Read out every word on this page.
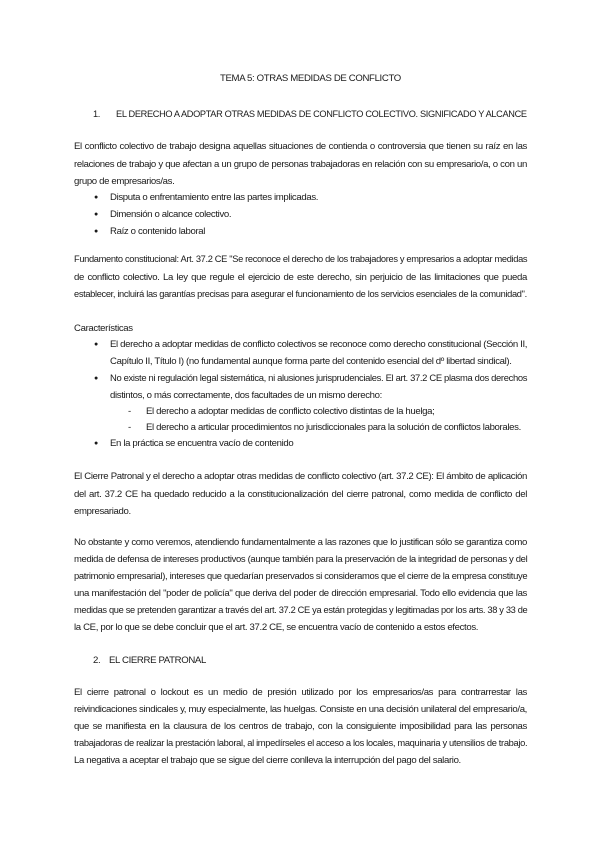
TEMA 5: OTRAS MEDIDAS DE CONFLICTO
1. EL DERECHO A ADOPTAR OTRAS MEDIDAS DE CONFLICTO COLECTIVO. SIGNIFICADO Y ALCANCE
El conflicto colectivo de trabajo designa aquellas situaciones de contienda o controversia que tienen su raíz en las
relaciones de trabajo y que afectan a un grupo de personas trabajadoras en relación con su empresario/a, o con un
grupo de empresarios/as.
●	Disputa o enfrentamiento entre las partes implicadas.
●	Dimensión o alcance colectivo.
●	Raíz o contenido laboral
Fundamento constitucional: Art. 37.2 CE "Se reconoce el derecho de los trabajadores y empresarios a adoptar medidas
de conflicto colectivo. La ley que regule el ejercicio de este derecho, sin perjuicio de las limitaciones que pueda
establecer, incluirá las garantías precisas para asegurar el funcionamiento de los servicios esenciales de la comunidad".
Características
●	El derecho a adoptar medidas de conflicto colectivos se reconoce como derecho constitucional (Sección II,
Capítulo II, Título I) (no fundamental aunque forma parte del contenido esencial del dº libertad sindical).
●	No existe ni regulación legal sistemática, ni alusiones jurisprudenciales. El art. 37.2 CE plasma dos derechos
distintos, o más correctamente, dos facultades de un mismo derecho:
- El derecho a adoptar medidas de conflicto colectivo distintas de la huelga;
- El derecho a articular procedimientos no jurisdiccionales para la solución de conflictos laborales.
●	En la práctica se encuentra vacío de contenido
El Cierre Patronal y el derecho a adoptar otras medidas de conflicto colectivo (art. 37.2 CE): El ámbito de aplicación
del art. 37.2 CE ha quedado reducido a la constitucionalización del cierre patronal, como medida de conflicto del
empresariado.
No obstante y como veremos, atendiendo fundamentalmente a las razones que lo justifican sólo se garantiza como
medida de defensa de intereses productivos (aunque también para la preservación de la integridad de personas y del
patrimonio empresarial), intereses que quedarían preservados si consideramos que el cierre de la empresa constituye
una manifestación del "poder de policía" que deriva del poder de dirección empresarial. Todo ello evidencia que las
medidas que se pretenden garantizar a través del art. 37.2 CE ya están protegidas y legitimadas por los arts. 38 y 33 de
la CE, por lo que se debe concluir que el art. 37.2 CE, se encuentra vacío de contenido a estos efectos.
2. EL CIERRE PATRONAL
El cierre patronal o lockout es un medio de presión utilizado por los empresarios/as para contrarrestar las
reivindicaciones sindicales y, muy especialmente, las huelgas. Consiste en una decisión unilateral del empresario/a,
que se manifiesta en la clausura de los centros de trabajo, con la consiguiente imposibilidad para las personas
trabajadoras de realizar la prestación laboral, al impedírseles el acceso a los locales, maquinaria y utensilios de trabajo.
La negativa a aceptar el trabajo que se sigue del cierre conlleva la interrupción del pago del salario.
